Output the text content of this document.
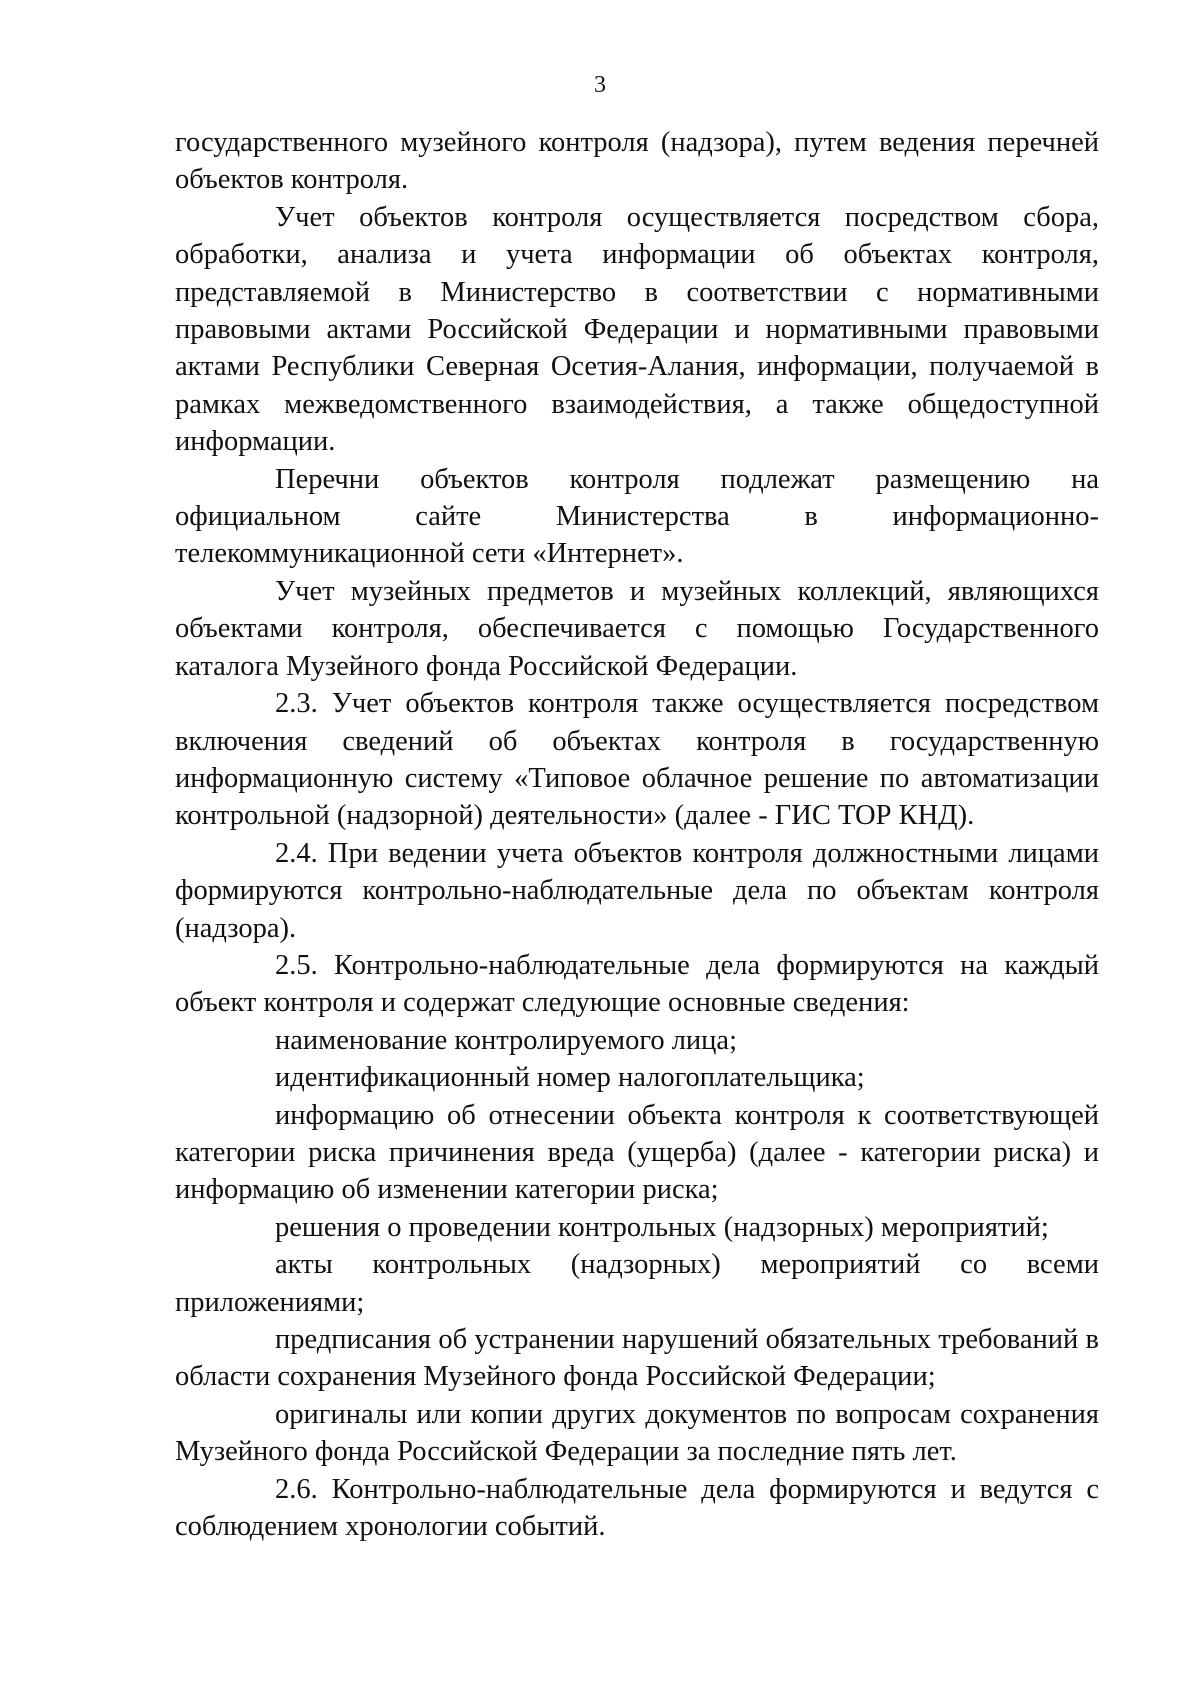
3

государственного музейного контроля (надзора), путем ведения перечней объектов контроля.

Учет объектов контроля осуществляется посредством сбора, обработки, анализа и учета информации об объектах контроля, представляемой в Министерство в соответствии с нормативными правовыми актами Российской Федерации и нормативными правовыми актами Республики Северная Осетия-Алания, информации, получаемой в рамках межведомственного взаимодействия, а также общедоступной информации.

Перечни объектов контроля подлежат размещению на официальном сайте Министерства в информационно-телекоммуникационной сети «Интернет».

Учет музейных предметов и музейных коллекций, являющихся объектами контроля, обеспечивается с помощью Государственного каталога Музейного фонда Российской Федерации.

2.3. Учет объектов контроля также осуществляется посредством включения сведений об объектах контроля в государственную информационную систему «Типовое облачное решение по автоматизации контрольной (надзорной) деятельности» (далее - ГИС ТОР КНД).

2.4. При ведении учета объектов контроля должностными лицами формируются контрольно-наблюдательные дела по объектам контроля (надзора).

2.5. Контрольно-наблюдательные дела формируются на каждый объект контроля и содержат следующие основные сведения:

наименование контролируемого лица;

идентификационный номер налогоплательщика;

информацию об отнесении объекта контроля к соответствующей категории риска причинения вреда (ущерба) (далее - категории риска) и информацию об изменении категории риска;

решения о проведении контрольных (надзорных) мероприятий;

акты контрольных (надзорных) мероприятий со всеми приложениями;

предписания об устранении нарушений обязательных требований в области сохранения Музейного фонда Российской Федерации;

оригиналы или копии других документов по вопросам сохранения Музейного фонда Российской Федерации за последние пять лет.

2.6. Контрольно-наблюдательные дела формируются и ведутся с соблюдением хронологии событий.
